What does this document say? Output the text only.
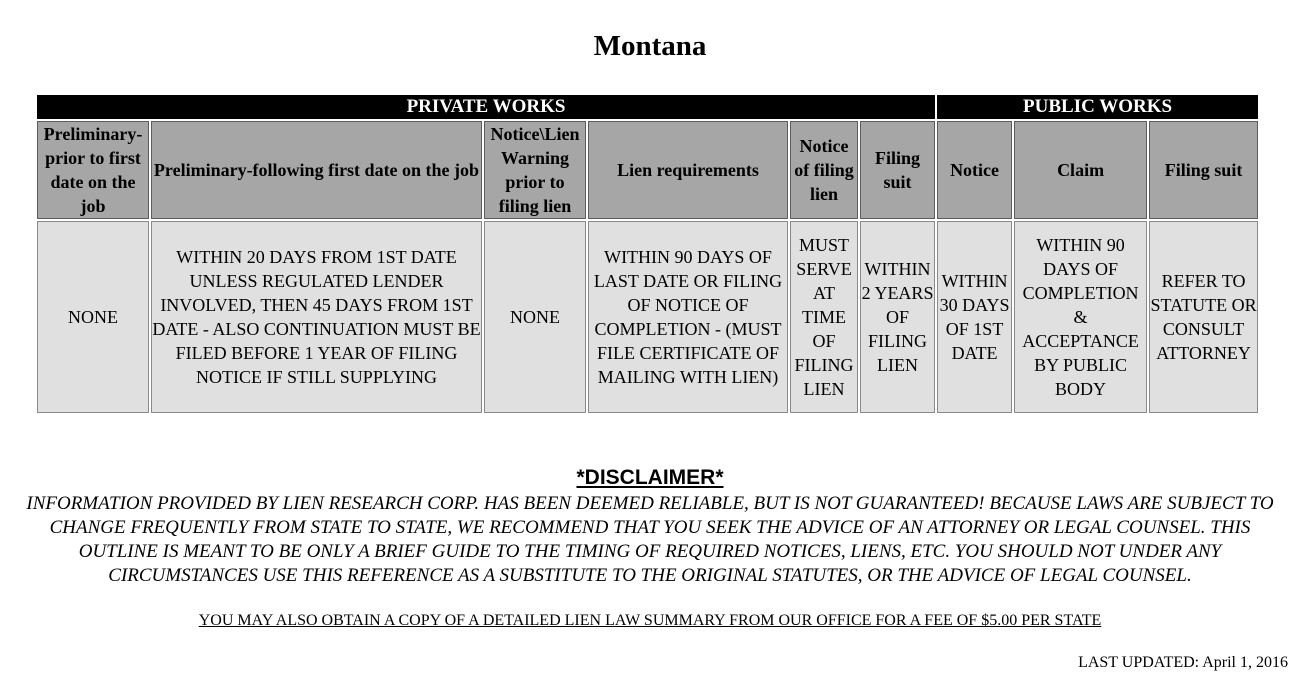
Montana
PRIVATE WORKS						PUBLIC WORKS		
Preliminary-prior to first date on the job	Preliminary-following first date on the job	Notice\Lien Warning prior to filing lien	Lien requirements	Notice of filing lien	Filing suit	Notice	Claim	Filing suit
NONE	WITHIN 20 DAYS FROM 1ST DATE UNLESS REGULATED LENDER INVOLVED, THEN 45 DAYS FROM 1ST DATE - ALSO CONTINUATION MUST BE FILED BEFORE 1 YEAR OF FILING NOTICE IF STILL SUPPLYING	NONE	WITHIN 90 DAYS OF LAST DATE OR FILING OF NOTICE OF COMPLETION - (MUST FILE CERTIFICATE OF MAILING WITH LIEN)	MUST SERVE AT TIME OF FILING LIEN	WITHIN 2 YEARS OF FILING LIEN	WITHIN 30 DAYS OF 1ST DATE	WITHIN 90 DAYS OF COMPLETION & ACCEPTANCE BY PUBLIC BODY	REFER TO STATUTE OR CONSULT ATTORNEY
*DISCLAIMER*
INFORMATION PROVIDED BY LIEN RESEARCH CORP. HAS BEEN DEEMED RELIABLE, BUT IS NOT GUARANTEED! BECAUSE LAWS ARE SUBJECT TO CHANGE FREQUENTLY FROM STATE TO STATE, WE RECOMMEND THAT YOU SEEK THE ADVICE OF AN ATTORNEY OR LEGAL COUNSEL. THIS OUTLINE IS MEANT TO BE ONLY A BRIEF GUIDE TO THE TIMING OF REQUIRED NOTICES, LIENS, ETC. YOU SHOULD NOT UNDER ANY CIRCUMSTANCES USE THIS REFERENCE AS A SUBSTITUTE TO THE ORIGINAL STATUTES, OR THE ADVICE OF LEGAL COUNSEL.
YOU MAY ALSO OBTAIN A COPY OF A DETAILED LIEN LAW SUMMARY FROM OUR OFFICE FOR A FEE OF $5.00 PER STATE
LAST UPDATED: April 1, 2016
